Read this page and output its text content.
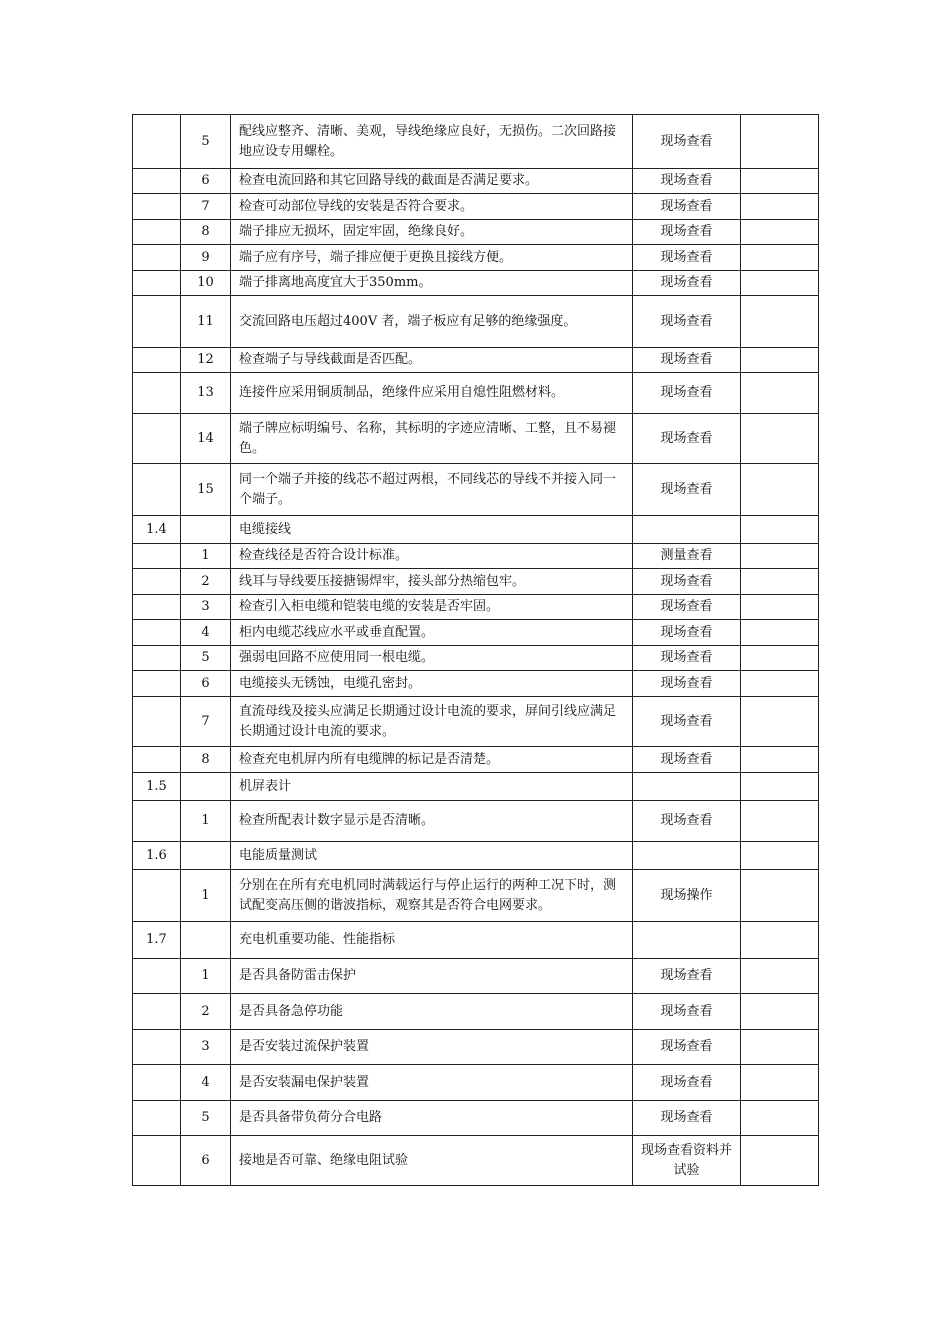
	5	配线应整齐、清晰、美观，导线绝缘应良好，无损伤。二次回路接地应设专用螺栓。	现场查看	
	6	检查电流回路和其它回路导线的截面是否满足要求。	现场查看	
	7	检查可动部位导线的安装是否符合要求。	现场查看	
	8	端子排应无损坏，固定牢固，绝缘良好。	现场查看	
	9	端子应有序号，端子排应便于更换且接线方便。	现场查看	
	10	端子排离地高度宜大于350mm。	现场查看	
	11	交流回路电压超过400V 者，端子板应有足够的绝缘强度。	现场查看	
	12	检查端子与导线截面是否匹配。	现场查看	
	13	连接件应采用铜质制品，绝缘件应采用自熄性阻燃材料。	现场查看	
	14	端子牌应标明编号、名称，其标明的字迹应清晰、工整，且不易褪色。	现场查看	
	15	同一个端子并接的线芯不超过两根，不同线芯的导线不并接入同一个端子。	现场查看	
1.4		电缆接线		
	1	检查线径是否符合设计标准。	测量查看	
	2	线耳与导线要压接搪锡焊牢，接头部分热缩包牢。	现场查看	
	3	检查引入柜电缆和铠装电缆的安装是否牢固。	现场查看	
	4	柜内电缆芯线应水平或垂直配置。	现场查看	
	5	强弱电回路不应使用同一根电缆。	现场查看	
	6	电缆接头无锈蚀，电缆孔密封。	现场查看	
	7	直流母线及接头应满足长期通过设计电流的要求，屏间引线应满足长期通过设计电流的要求。	现场查看	
	8	检查充电机屏内所有电缆牌的标记是否清楚。	现场查看	
1.5		机屏表计		
	1	检查所配表计数字显示是否清晰。	现场查看	
1.6		电能质量测试		
	1	分别在在所有充电机同时满载运行与停止运行的两种工况下时，测试配变高压侧的谐波指标，观察其是否符合电网要求。	现场操作	
1.7		充电机重要功能、性能指标		
	1	是否具备防雷击保护	现场查看	
	2	是否具备急停功能	现场查看	
	3	是否安装过流保护装置	现场查看	
	4	是否安装漏电保护装置	现场查看	
	5	是否具备带负荷分合电路	现场查看	
	6	接地是否可靠、绝缘电阻试验	现场查看资料并试验	
